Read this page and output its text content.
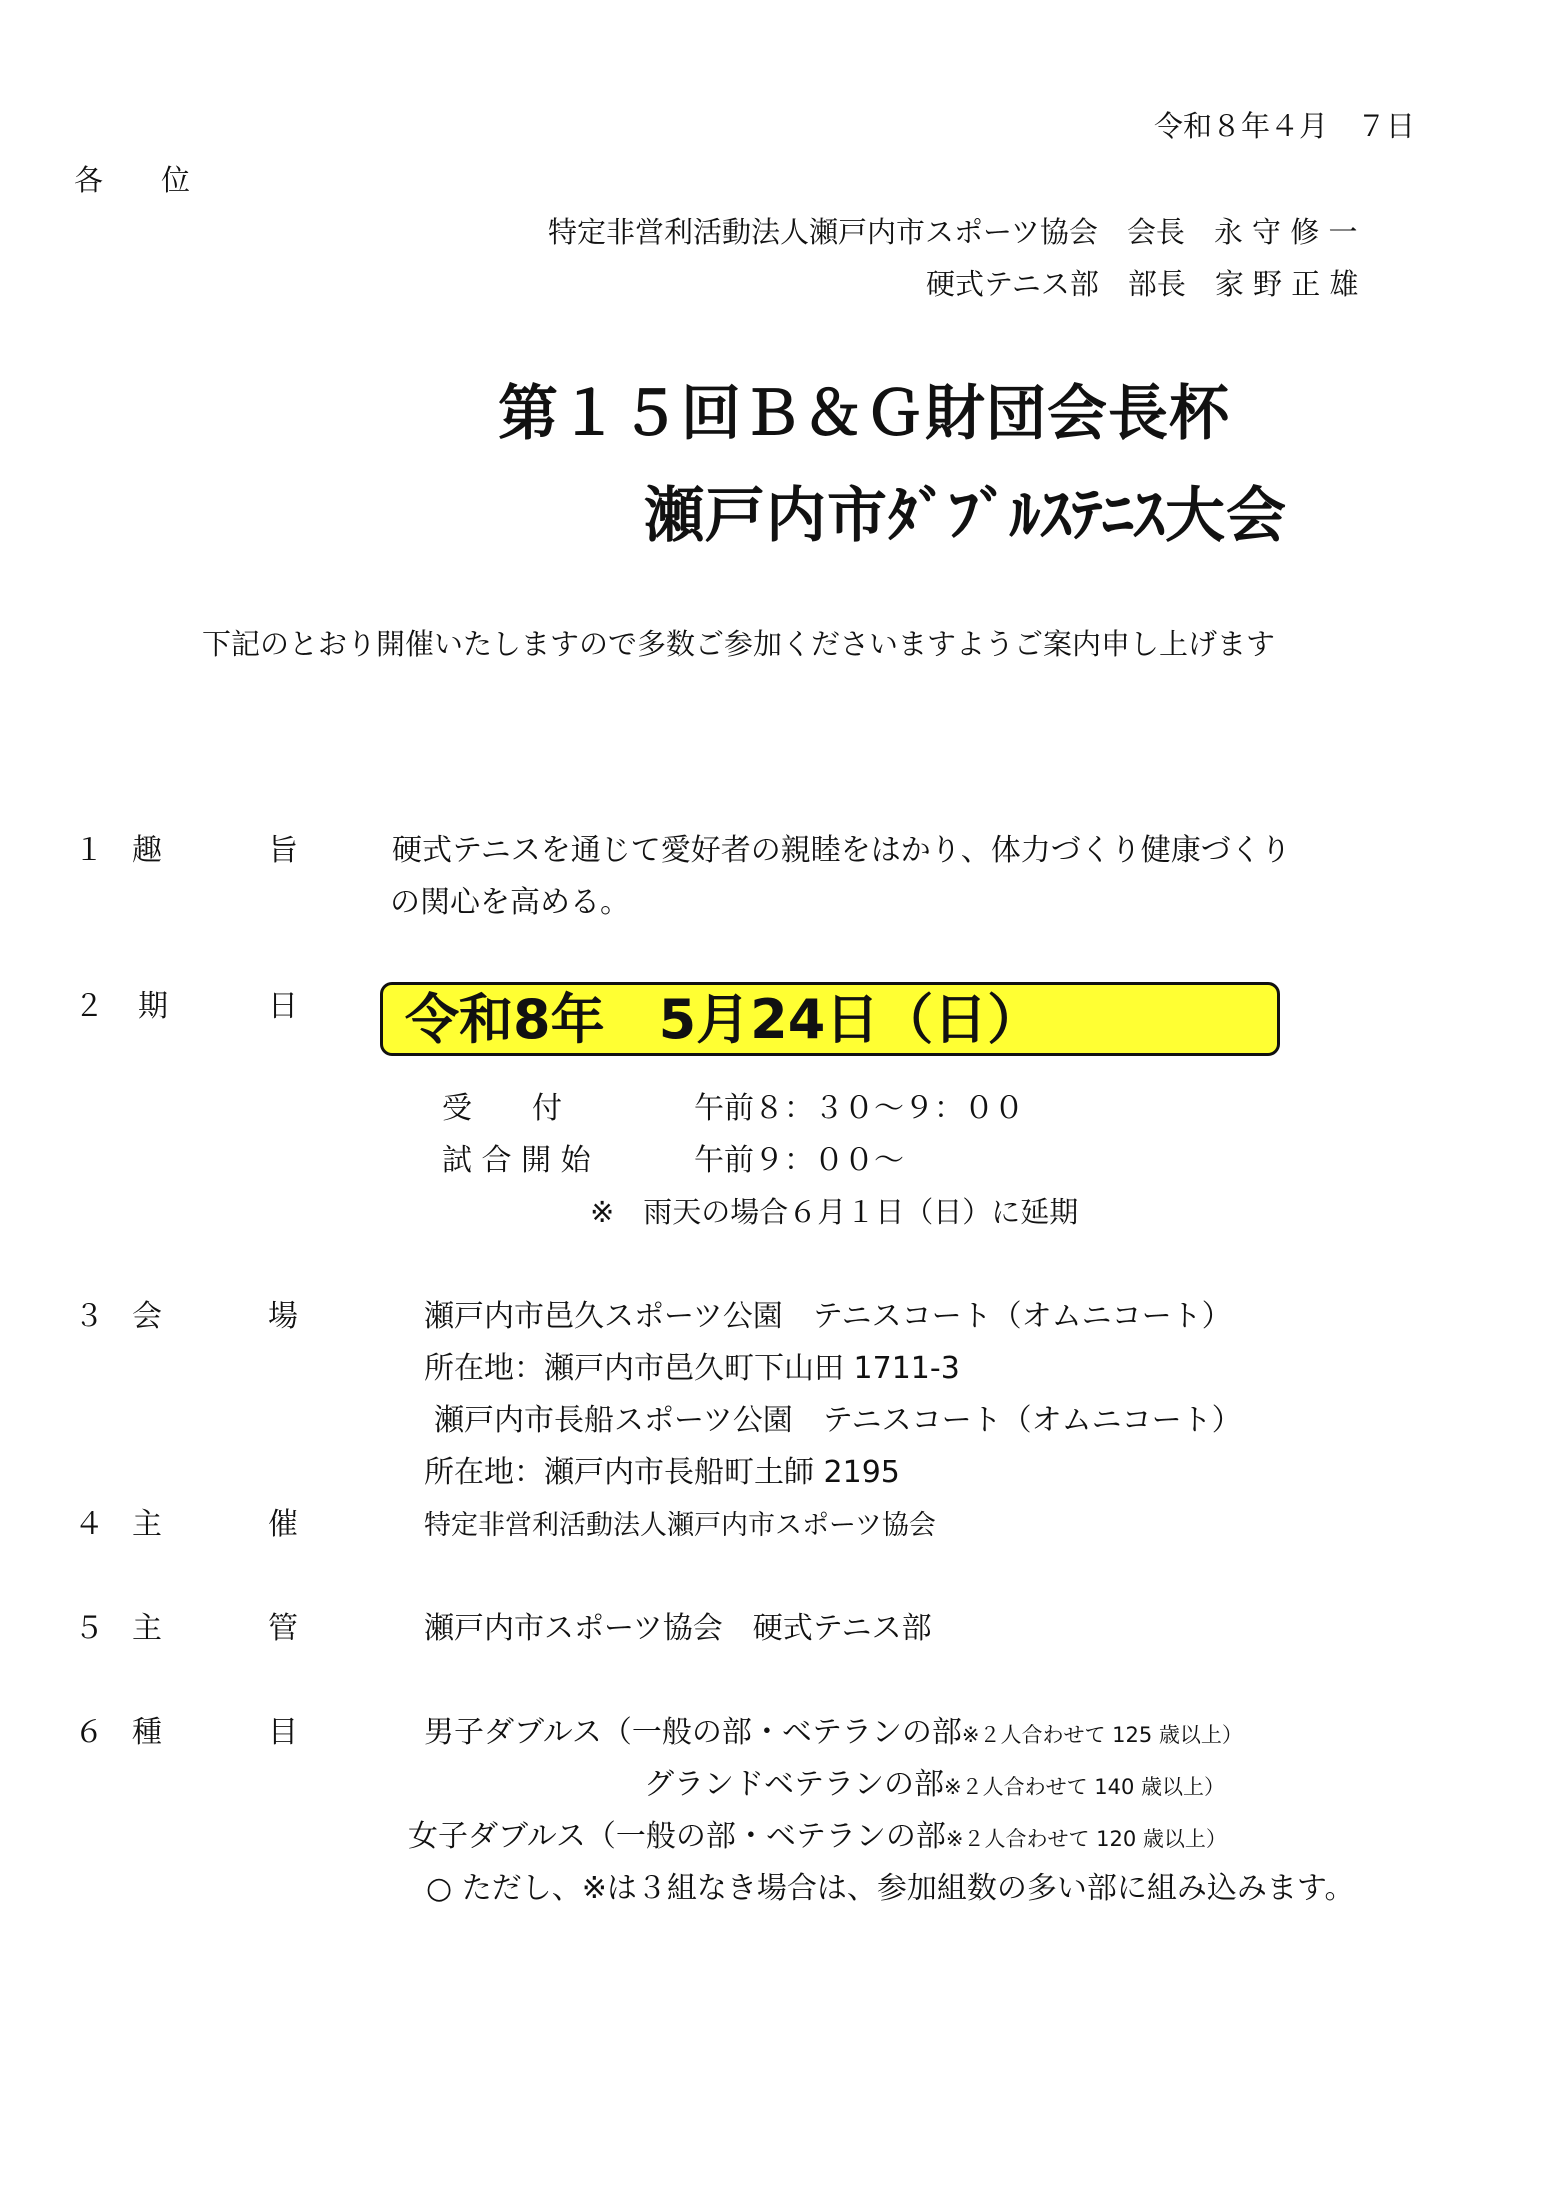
令和８年４月　７日
各　　位
特定非営利活動法人瀬戸内市スポーツ協会　会長　永 守 修 一
硬式テニス部　部長　家 野 正 雄
第１５回Ｂ＆Ｇ財団会長杯
瀬戸内市ﾀﾞﾌﾞﾙｽﾃﾆｽ大会
下記のとおり開催いたしますので多数ご参加くださいますようご案内申し上げます
１ 趣	旨	硬式テニスを通じて愛好者の親睦をはかり、体力づくり健康づくり
の関心を高める。
２ 期	日 令和8年　5月24日（日）
受　　付	午前８：３０〜９：００
試 合 開 始	午前９：００〜
※　雨天の場合６月１日（日）に延期
３ 会	場	瀬戸内市邑久スポーツ公園　テニスコート（オムニコート）
所在地：瀬戸内市邑久町下山田 1711-3
瀬戸内市長船スポーツ公園　テニスコート（オムニコート）
所在地：瀬戸内市長船町土師 2195
４ 主	催	特定非営利活動法人瀬戸内市スポーツ協会
５ 主	管	瀬戸内市スポーツ協会　硬式テニス部
６ 種	目	男子ダブルス（一般の部・ベテランの部※２人合わせて 125 歳以上）
グランドベテランの部※２人合わせて 140 歳以上）
女子ダブルス（一般の部・ベテランの部※２人合わせて 120 歳以上）
○ ただし、※は３組なき場合は、参加組数の多い部に組み込みます。
